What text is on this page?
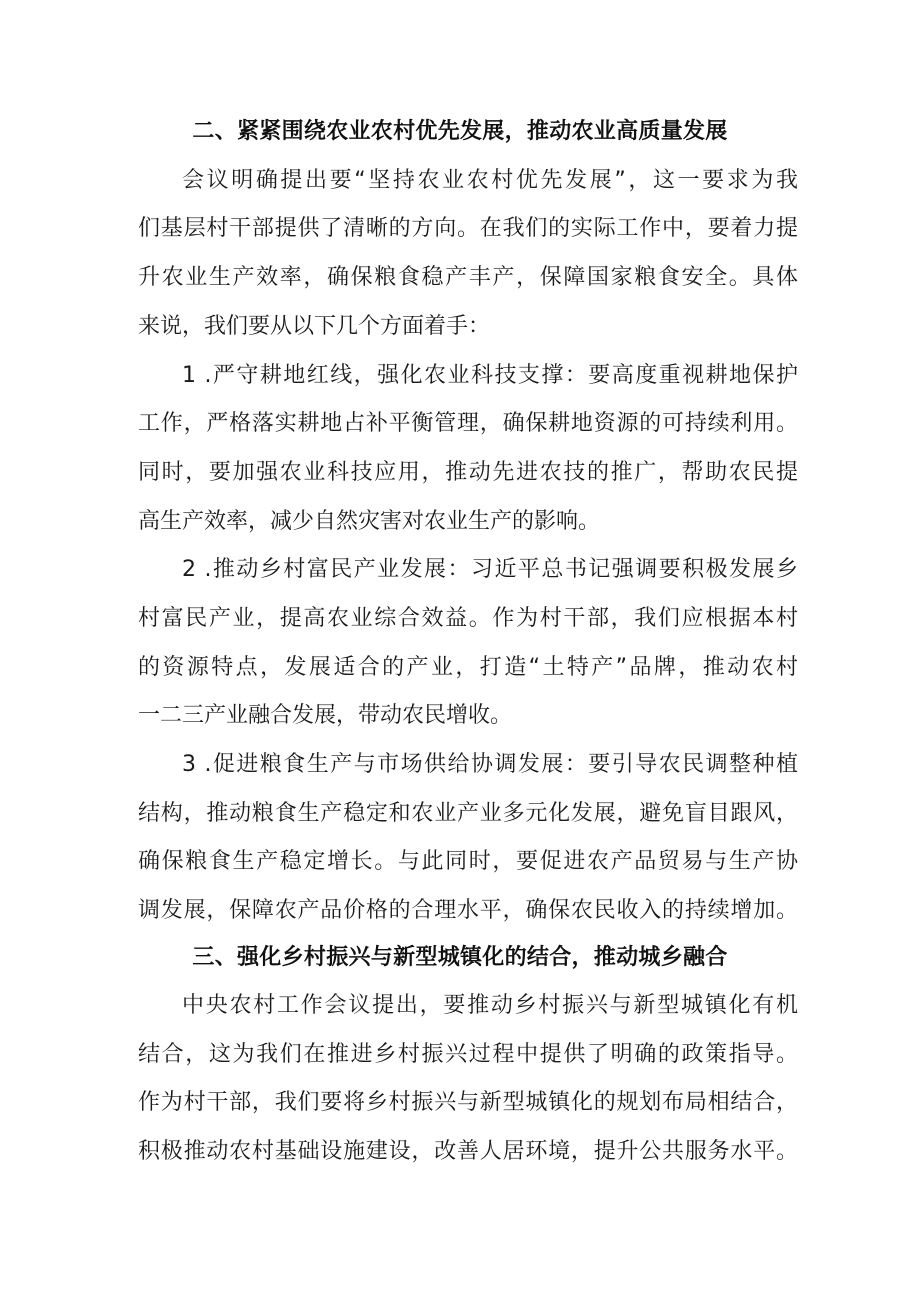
二、紧紧围绕农业农村优先发展，推动农业高质量发展
会议明确提出要“坚持农业农村优先发展”，这一要求为我
们基层村干部提供了清晰的方向。在我们的实际工作中，要着力提
升农业生产效率，确保粮食稳产丰产，保障国家粮食安全。具体
来说，我们要从以下几个方面着手：
1 .严守耕地红线，强化农业科技支撑：要高度重视耕地保护
工作，严格落实耕地占补平衡管理，确保耕地资源的可持续利用。
同时，要加强农业科技应用，推动先进农技的推广，帮助农民提
高生产效率，减少自然灾害对农业生产的影响。
2 .推动乡村富民产业发展：习近平总书记强调要积极发展乡
村富民产业，提高农业综合效益。作为村干部，我们应根据本村
的资源特点，发展适合的产业，打造“土特产”品牌，推动农村
一二三产业融合发展，带动农民增收。
3 .促进粮食生产与市场供给协调发展：要引导农民调整种植
结构，推动粮食生产稳定和农业产业多元化发展，避免盲目跟风，
确保粮食生产稳定增长。与此同时，要促进农产品贸易与生产协
调发展，保障农产品价格的合理水平，确保农民收入的持续增加。
三、强化乡村振兴与新型城镇化的结合，推动城乡融合
中央农村工作会议提出，要推动乡村振兴与新型城镇化有机
结合，这为我们在推进乡村振兴过程中提供了明确的政策指导。
作为村干部，我们要将乡村振兴与新型城镇化的规划布局相结合，
积极推动农村基础设施建设，改善人居环境，提升公共服务水平。
